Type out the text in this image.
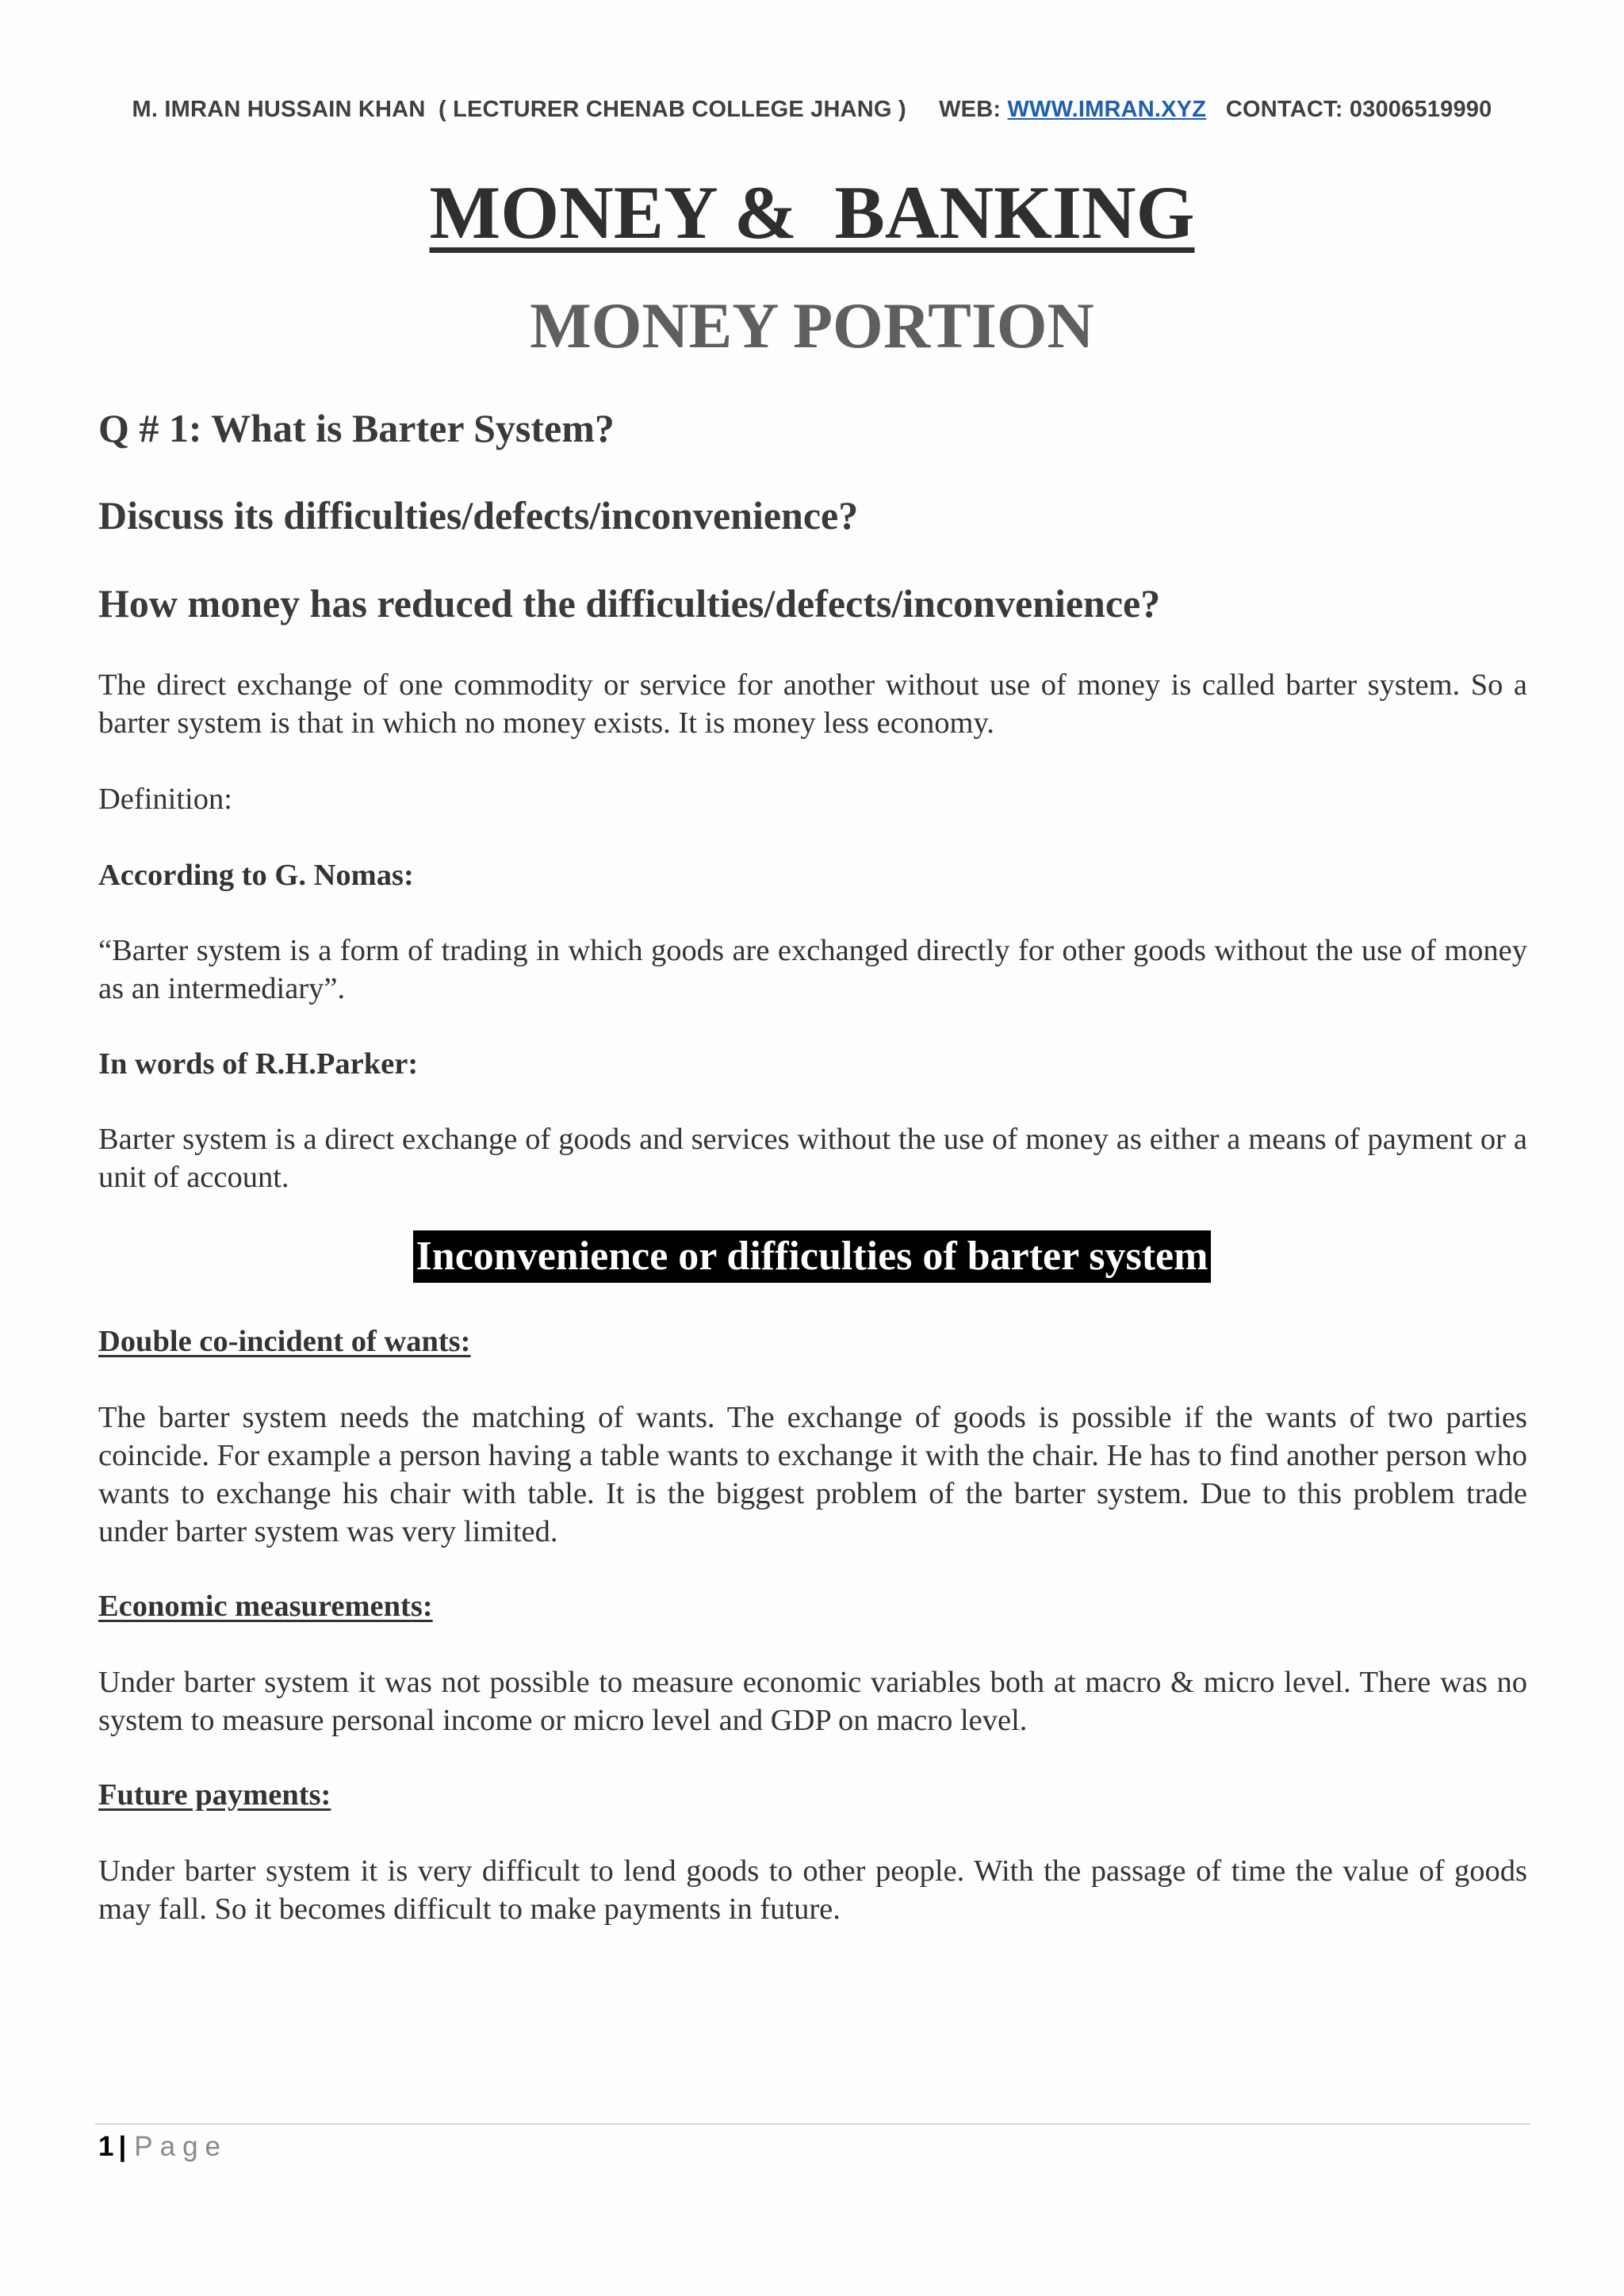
M. IMRAN HUSSAIN KHAN  ( LECTURER CHENAB COLLEGE JHANG )     WEB: WWW.IMRAN.XYZ   CONTACT: 03006519990
MONEY &  BANKING
MONEY PORTION
Q # 1: What is Barter System?
Discuss its difficulties/defects/inconvenience?
How money has reduced the difficulties/defects/inconvenience?
The direct exchange of one commodity or service for another without use of money is called barter system. So a barter system is that in which no money exists. It is money less economy.
Definition:
According to G. Nomas:
“Barter system is a form of trading in which goods are exchanged directly for other goods without the use of money as an intermediary”.
In words of R.H.Parker:
Barter system is a direct exchange of goods and services without the use of money as either a means of payment or a unit of account.
Inconvenience or difficulties of barter system
Double co-incident of wants:
The barter system needs the matching of wants. The exchange of goods is possible if the wants of two parties coincide. For example a person having a table wants to exchange it with the chair. He has to find another person who wants to exchange his chair with table. It is the biggest problem of the barter system. Due to this problem trade under barter system was very limited.
Economic measurements:
Under barter system it was not possible to measure economic variables both at macro & micro level. There was no system to measure personal income or micro level and GDP on macro level.
Future payments:
Under barter system it is very difficult to lend goods to other people. With the passage of time the value of goods may fall. So it becomes difficult to make payments in future.
1 | Page
